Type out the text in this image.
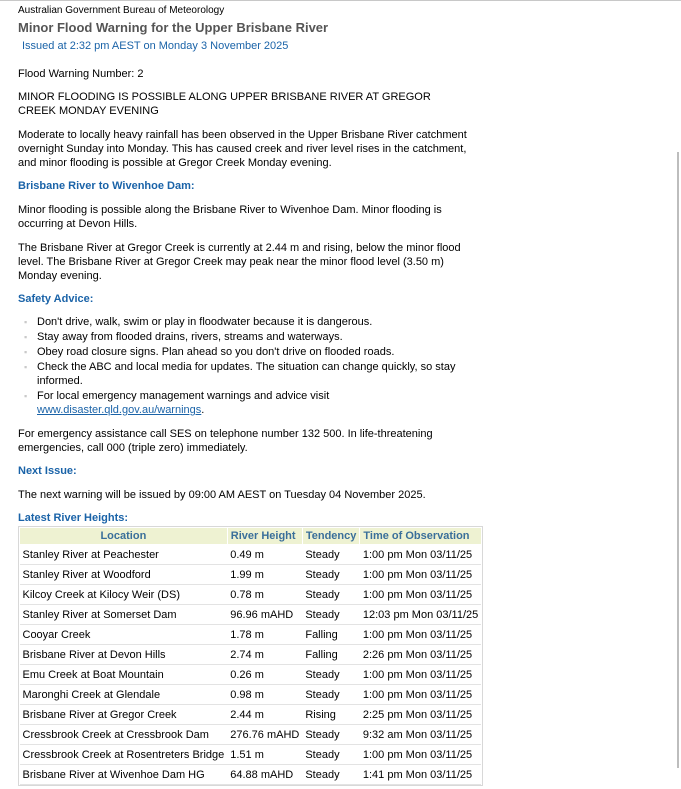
Australian Government Bureau of Meteorology

Minor Flood Warning for the Upper Brisbane River

Issued at 2:32 pm AEST on Monday 3 November 2025

Flood Warning Number: 2

MINOR FLOODING IS POSSIBLE ALONG UPPER BRISBANE RIVER AT GREGOR CREEK MONDAY EVENING

Moderate to locally heavy rainfall has been observed in the Upper Brisbane River catchment overnight Sunday into Monday. This has caused creek and river level rises in the catchment, and minor flooding is possible at Gregor Creek Monday evening.

Brisbane River to Wivenhoe Dam:

Minor flooding is possible along the Brisbane River to Wivenhoe Dam. Minor flooding is occurring at Devon Hills.

The Brisbane River at Gregor Creek is currently at 2.44 m and rising, below the minor flood level. The Brisbane River at Gregor Creek may peak near the minor flood level (3.50 m) Monday evening.

Safety Advice:

▪ Don't drive, walk, swim or play in floodwater because it is dangerous.
▪ Stay away from flooded drains, rivers, streams and waterways.
▪ Obey road closure signs. Plan ahead so you don't drive on flooded roads.
▪ Check the ABC and local media for updates. The situation can change quickly, so stay informed.
▪ For local emergency management warnings and advice visit
www.disaster.qld.gov.au/warnings.

For emergency assistance call SES on telephone number 132 500. In life-threatening emergencies, call 000 (triple zero) immediately.

Next Issue:

The next warning will be issued by 09:00 AM AEST on Tuesday 04 November 2025.

Latest River Heights:

Location	River Height	Tendency	Time of Observation
Stanley River at Peachester	0.49 m	Steady	1:00 pm Mon 03/11/25
Stanley River at Woodford	1.99 m	Steady	1:00 pm Mon 03/11/25
Kilcoy Creek at Kilocy Weir (DS)	0.78 m	Steady	1:00 pm Mon 03/11/25
Stanley River at Somerset Dam	96.96 mAHD	Steady	12:03 pm Mon 03/11/25
Cooyar Creek	1.78 m	Falling	1:00 pm Mon 03/11/25
Brisbane River at Devon Hills	2.74 m	Falling	2:26 pm Mon 03/11/25
Emu Creek at Boat Mountain	0.26 m	Steady	1:00 pm Mon 03/11/25
Maronghi Creek at Glendale	0.98 m	Steady	1:00 pm Mon 03/11/25
Brisbane River at Gregor Creek	2.44 m	Rising	2:25 pm Mon 03/11/25
Cressbrook Creek at Cressbrook Dam	276.76 mAHD	Steady	9:32 am Mon 03/11/25
Cressbrook Creek at Rosentreters Bridge	1.51 m	Steady	1:00 pm Mon 03/11/25
Brisbane River at Wivenhoe Dam HG	64.88 mAHD	Steady	1:41 pm Mon 03/11/25
